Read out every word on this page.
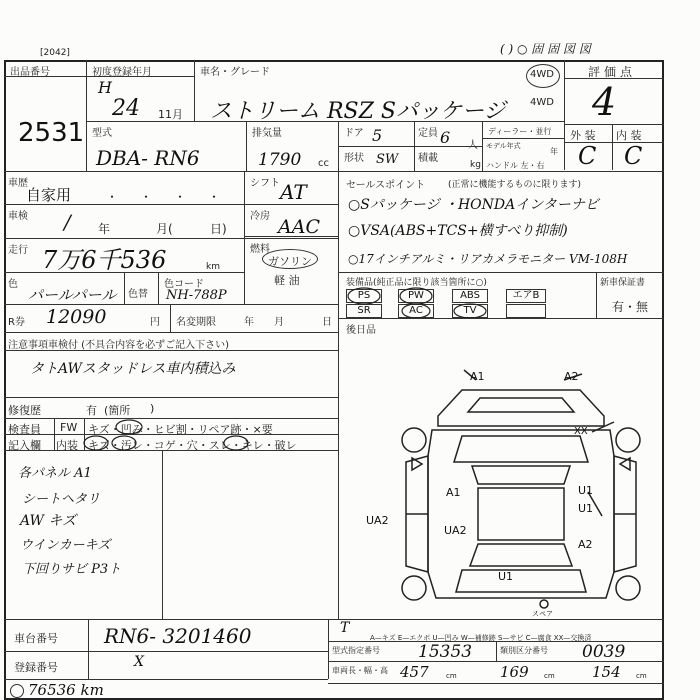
[2042]	( ) ○ 固 固 図 図
出品番号
2531
初度登録年月
H
24 11月
車名・グレード
ストリーム RSZ Sパッケージ
4WD
4WD
評価点
4
型式
DBA- RN6
排気量
1790 cc
ドア 5	定員 6 人
形状 SW 積載
kg
ディーラー・並行
モデル年式
年
ハンドル 左・右
外 装 内 装
C C
車歴
自家用	・・・・
シフト AT
車検 / 年	月(	日)
冷房 AAC
走行 7万6千536	km
燃料
ガソリン
軽 油
色
パールパール 色替
色コード
NH-788P
R券 12090	円 名変期限	年 月	日
セールスポイント	(正常に機能するものに限ります)
○Sパッケージ ・HONDAインターナビ
○VSA(ABS+TCS+横すべり抑制)
○17インチアルミ・リアカメラモニター VM-108H
装備品(純正品に限り該当箇所に○)	新車保証書
有・無
PS	PW	ABS	エアB
SR	AC	TV
後日品
注意事項車検付 (不具合内容を必ずご記入下さい)
タトAWスタッドレス車内積込み
修復歴	有 (箇所 )
検査員 FW キズ・凹み・ヒビ割・リペア跡・×要
記入欄 内装 キズ・汚レ・コゲ・穴・スレ・キレ・破レ
各パネル A1
シートヘタリ
AW キズ
ウインカーキズ
下回りサビ P3ト
A1	A2
XX
A1
U1
UA2
UA2
U1
A2
U1
スペア
車台番号 RN6- 3201460
登録番号	X
76536 km
T
A—キズ E—エクボ U—凹み W—補修跡 S—サビ C—腐食 XX—交換済
型式指定番号 15353	類別区分番号 0039
車両長・幅・高 457 cm	169 cm 154 cm
